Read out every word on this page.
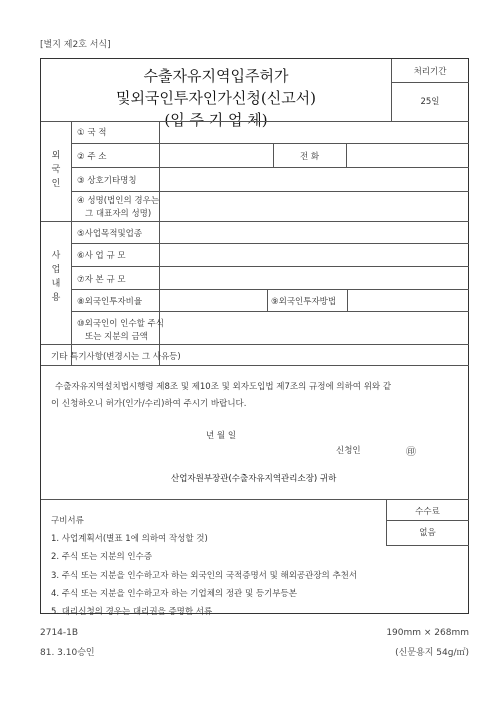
[별지 제2호 서식]
수출자유지역입주허가
및외국인투자인가신청(신고서)
(입 주 기 업 체)
처리기간
25일
외
국
인
① 국 적
② 주 소	전 화
③ 상호기타명칭
④ 성명(법인의 경우는
그 대표자의 성명)
사
업
내
용
⑤사업목적및업종
⑥사 업 규 모
⑦자 본 규 모
⑧외국인투자비율	⑨외국인투자방법
⑩외국인이 인수할 주식
또는 지분의 금액
기타 특기사항(변경시는 그 사유등)
수출자유지역설치법시행령 제8조 및 제10조 및 외자도입법 제7조의 규정에 의하여 위와 같
이 신청하오니 허가(인가/수리)하여 주시기 바랍니다.
년 월 일
신청인	㊞
산업자원부장관(수출자유지역관리소장) 귀하
수수료
없음
구비서류
1. 사업계획서(별표 1에 의하여 작성할 것)
2. 주식 또는 지분의 인수증
3. 주식 또는 지분을 인수하고자 하는 외국인의 국적증명서 및 해외공관장의 추천서
4. 주식 또는 지분을 인수하고자 하는 기업체의 정관 및 등기부등본
5. 대리신청의 경우는 대리권을 증명한 서류
2714-1B
81. 3.10승인
190mm × 268mm
(신문용지 54g/㎡)
